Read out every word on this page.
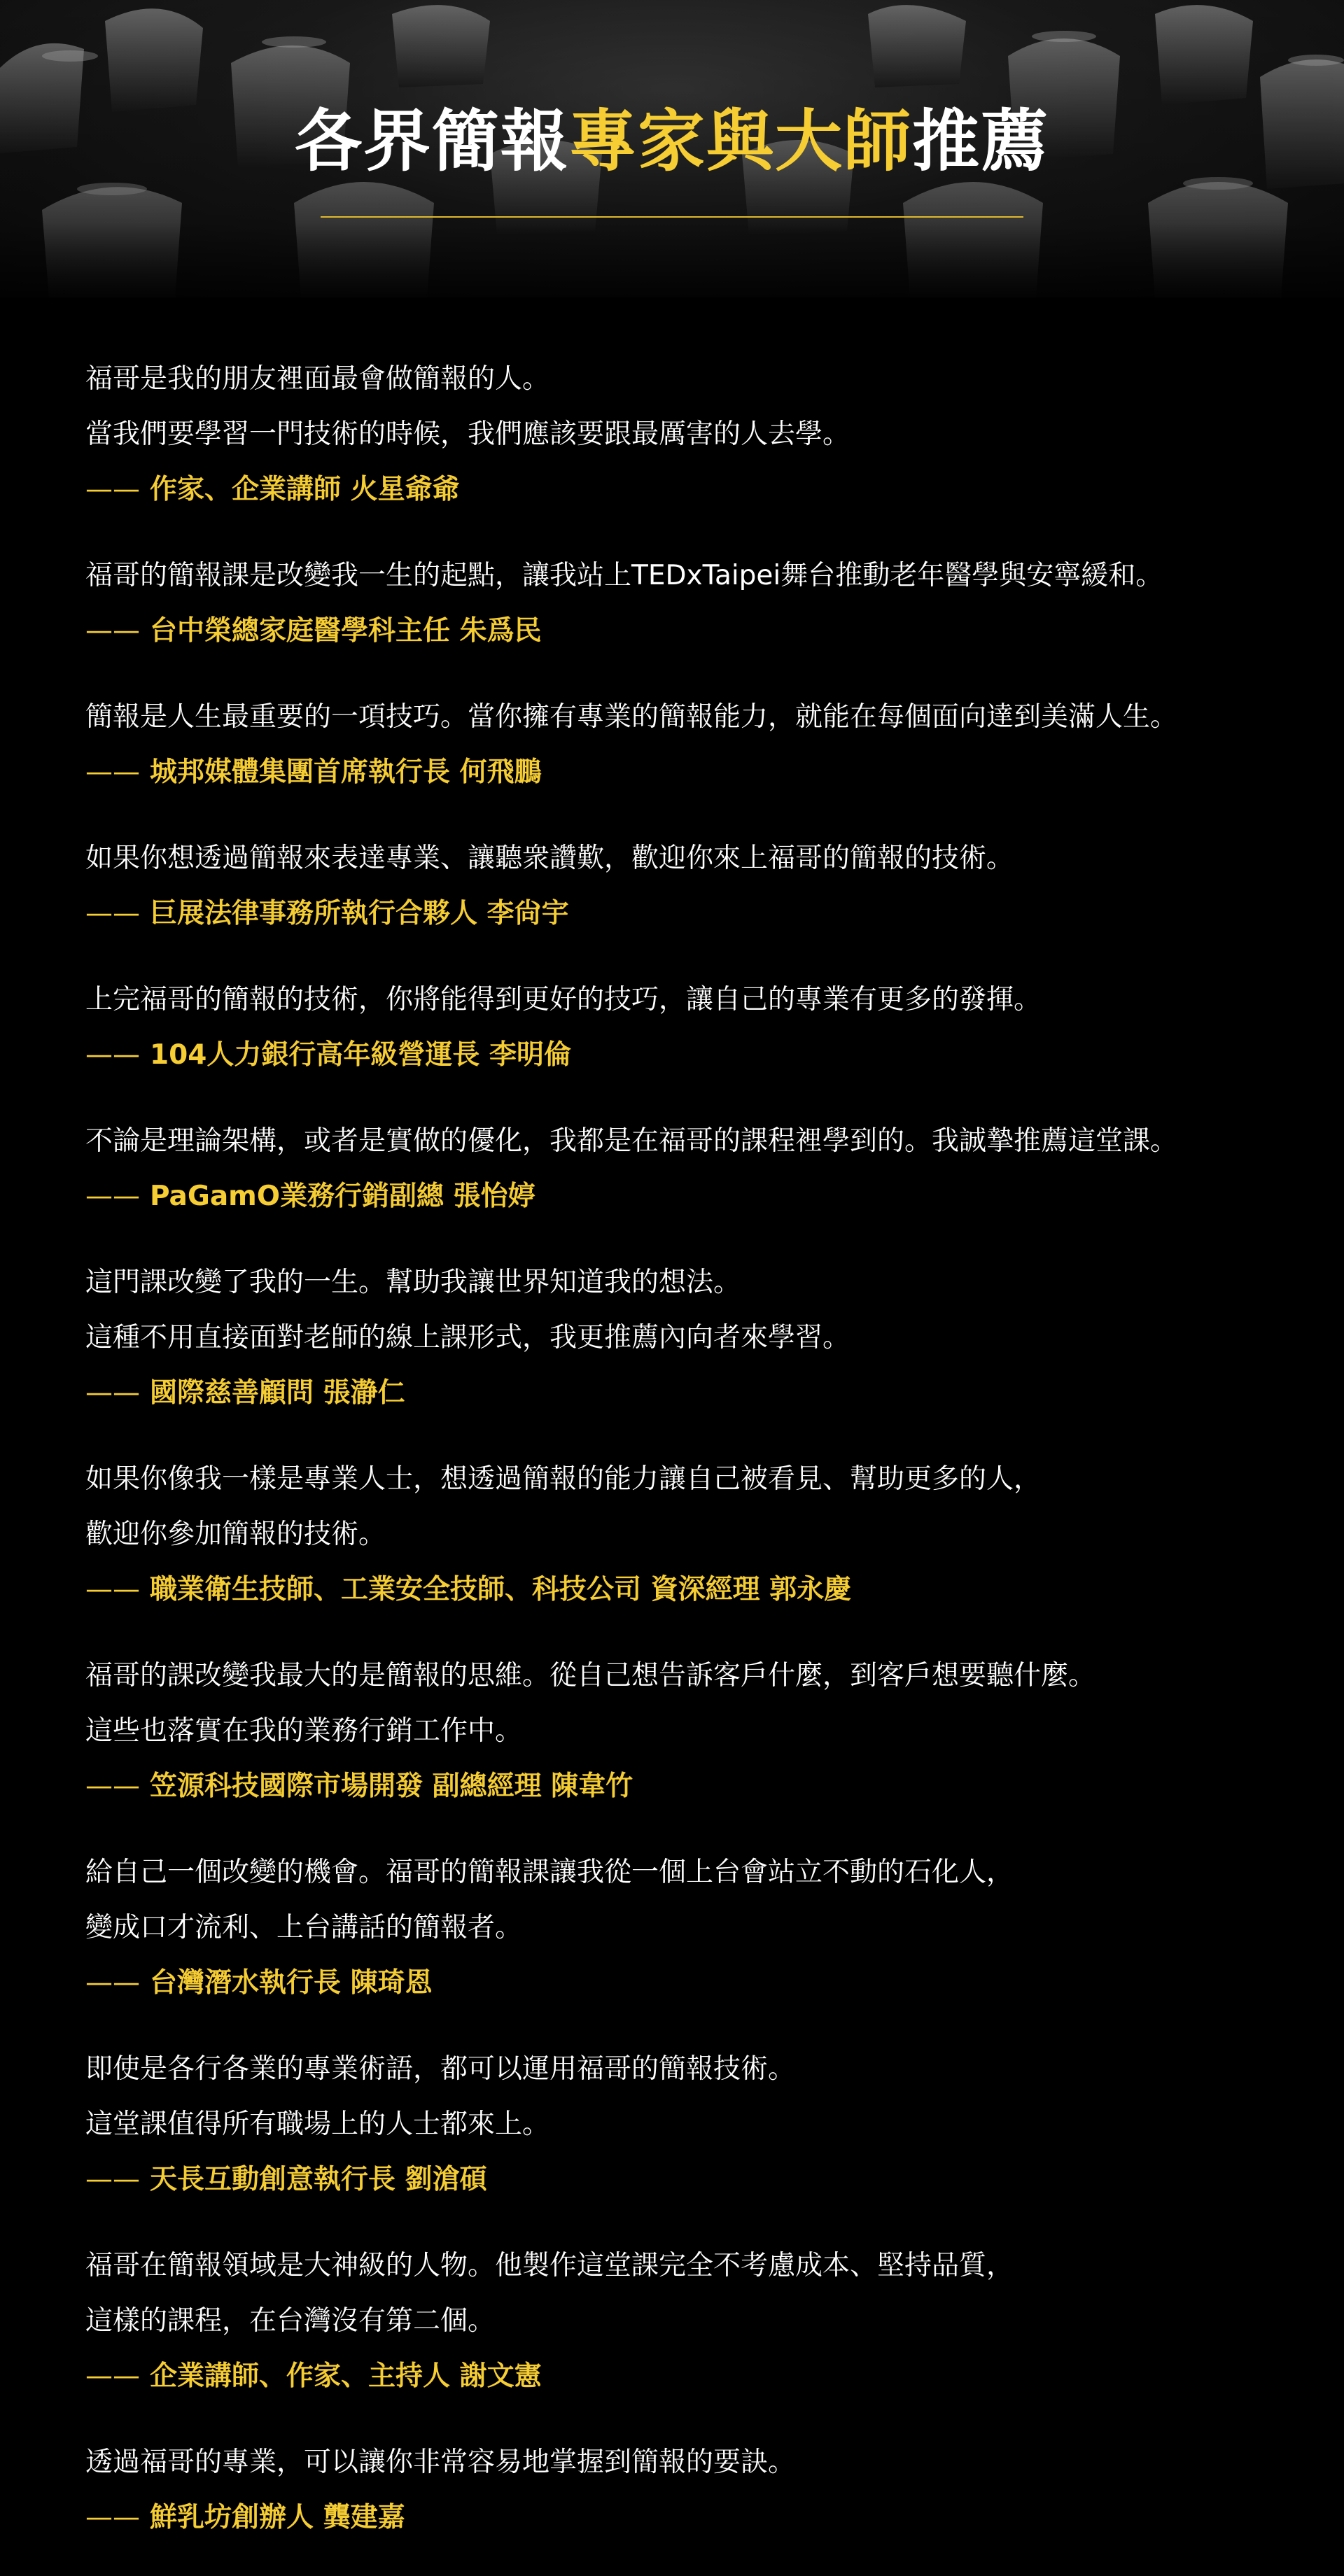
各界簡報專家與大師推薦

福哥是我的朋友裡面最會做簡報的人。

當我們要學習一門技術的時候，我們應該要跟最厲害的人去學。

—— 作家、企業講師 火星爺爺

福哥的簡報課是改變我一生的起點，讓我站上TEDxTaipei舞台推動老年醫學與安寧緩和。

—— 台中榮總家庭醫學科主任 朱爲民

簡報是人生最重要的一項技巧。當你擁有專業的簡報能力，就能在每個面向達到美滿人生。

—— 城邦媒體集團首席執行長 何飛鵬

如果你想透過簡報來表達專業、讓聽衆讚歎，歡迎你來上福哥的簡報的技術。

—— 巨展法律事務所執行合夥人 李尙宇

上完福哥的簡報的技術，你將能得到更好的技巧，讓自己的專業有更多的發揮。

—— 104人力銀行高年級營運長 李明倫

不論是理論架構，或者是實做的優化，我都是在福哥的課程裡學到的。我誠摯推薦這堂課。

—— PaGamO業務行銷副總 張怡婷

這門課改變了我的一生。幫助我讓世界知道我的想法。

這種不用直接面對老師的線上課形式，我更推薦內向者來學習。

—— 國際慈善顧問 張瀞仁

如果你像我一樣是專業人士，想透過簡報的能力讓自己被看見、幫助更多的人，

歡迎你參加簡報的技術。

—— 職業衛生技師、工業安全技師、科技公司 資深經理 郭永慶

福哥的課改變我最大的是簡報的思維。從自己想告訴客戶什麼，到客戶想要聽什麼。

這些也落實在我的業務行銷工作中。

—— 笠源科技國際市場開發 副總經理 陳韋竹

給自己一個改變的機會。福哥的簡報課讓我從一個上台會站立不動的石化人，

變成口才流利、上台講話的簡報者。

—— 台灣潛水執行長 陳琦恩

即使是各行各業的專業術語，都可以運用福哥的簡報技術。

這堂課值得所有職場上的人士都來上。

—— 天長互動創意執行長 劉滄碩

福哥在簡報領域是大神級的人物。他製作這堂課完全不考慮成本、堅持品質，

這樣的課程，在台灣沒有第二個。

—— 企業講師、作家、主持人 謝文憲

透過福哥的專業，可以讓你非常容易地掌握到簡報的要訣。

—— 鮮乳坊創辦人 龔建嘉
